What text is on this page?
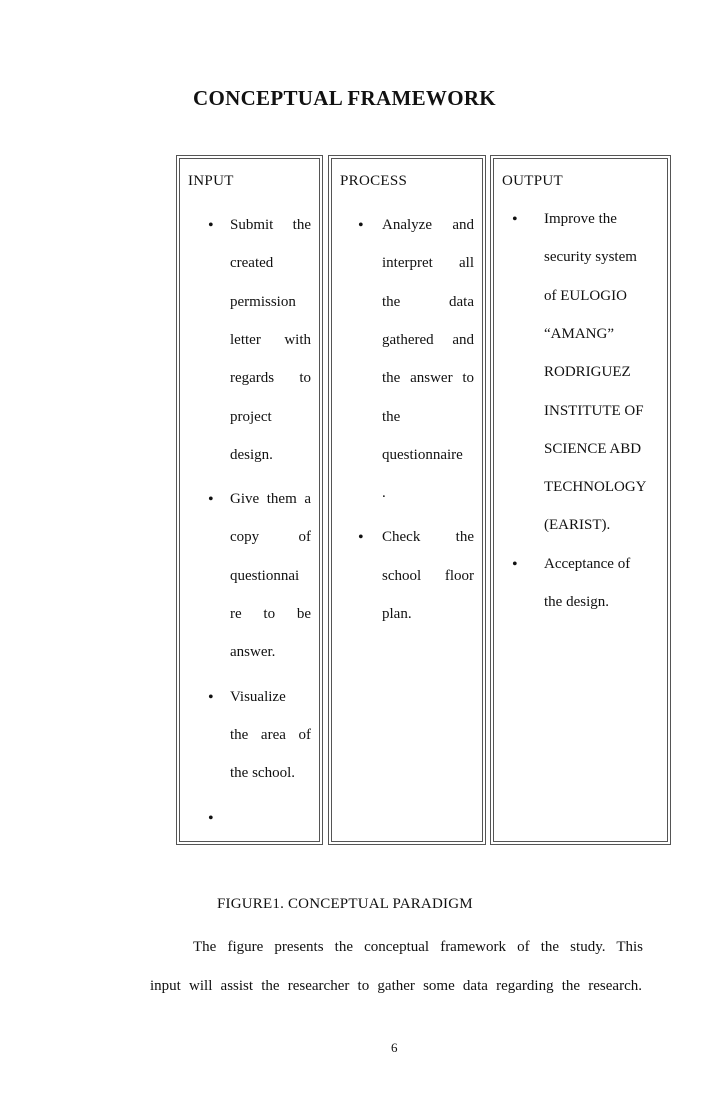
CONCEPTUAL FRAMEWORK
INPUT
• Submit the
created
permission
letter with
regards to
project
design.
• Give them a
copy	of
questionnai
re to be
answer.
• Visualize
the area of
the school.
•
PROCESS
• Analyze and
interpret all
the	data
gathered and
the answer to
the
questionnaire
.
• Check the
school floor
plan.
OUTPUT
• Improve the
security system
of EULOGIO
“AMANG”
RODRIGUEZ
INSTITUTE OF
SCIENCE ABD
TECHNOLOGY
(EARIST).
• Acceptance of
the design.
FIGURE1. CONCEPTUAL PARADIGM
The figure presents the conceptual framework of the study. This
input will assist the researcher to gather some data regarding the research.
6
